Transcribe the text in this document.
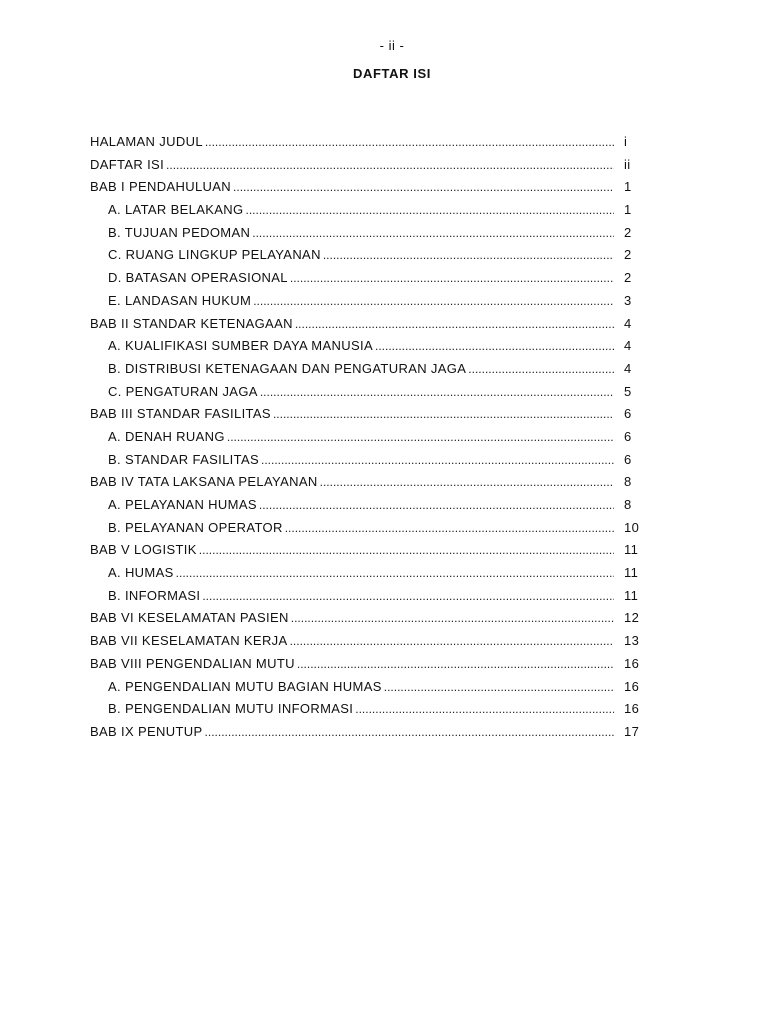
- ii -
DAFTAR ISI
HALAMAN JUDUL .....	i
DAFTAR ISI .....	ii
BAB I PENDAHULUAN .....	1
A. LATAR BELAKANG .....	1
B. TUJUAN PEDOMAN .....	2
C. RUANG LINGKUP PELAYANAN .....	2
D. BATASAN OPERASIONAL .....	2
E. LANDASAN HUKUM .....	3
BAB II STANDAR KETENAGAAN .....	4
A. KUALIFIKASI SUMBER DAYA MANUSIA .....	4
B. DISTRIBUSI KETENAGAAN DAN PENGATURAN JAGA .....	4
C. PENGATURAN JAGA .....	5
BAB III STANDAR FASILITAS .....	6
A. DENAH RUANG .....	6
B. STANDAR FASILITAS .....	6
BAB IV TATA LAKSANA PELAYANAN .....	8
A. PELAYANAN HUMAS .....	8
B. PELAYANAN OPERATOR .....	10
BAB V LOGISTIK .....	11
A. HUMAS .....	11
B. INFORMASI .....	11
BAB VI KESELAMATAN PASIEN .....	12
BAB VII KESELAMATAN KERJA .....	13
BAB VIII PENGENDALIAN MUTU .....	16
A. PENGENDALIAN MUTU BAGIAN HUMAS .....	16
B. PENGENDALIAN MUTU INFORMASI .....	16
BAB IX PENUTUP .....	17
